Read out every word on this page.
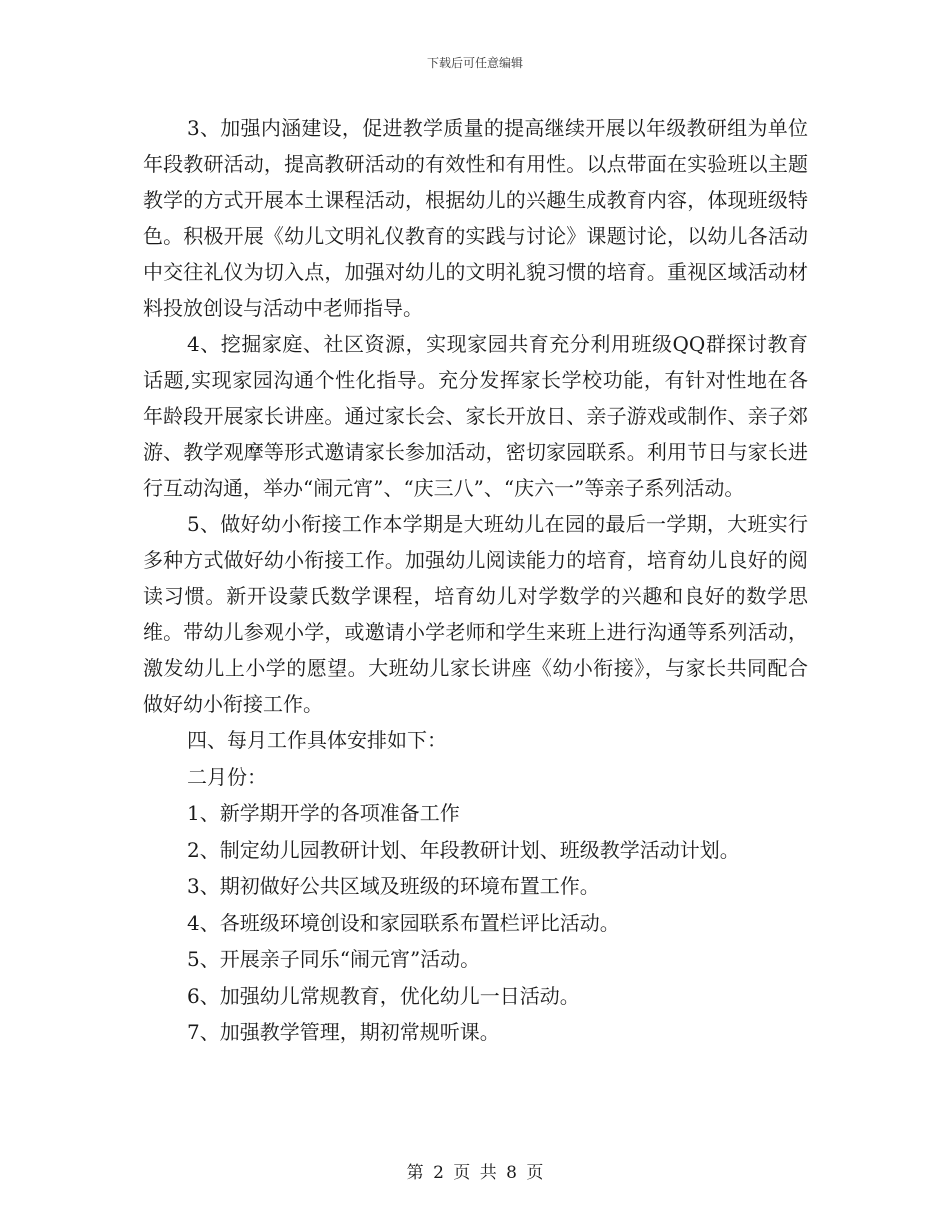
下载后可任意编辑

3、加强内涵建设，促进教学质量的提高继续开展以年级教研组为单位年段教研活动，提高教研活动的有效性和有用性。以点带面在实验班以主题教学的方式开展本土课程活动，根据幼儿的兴趣生成教育内容，体现班级特色。积极开展《幼儿文明礼仪教育的实践与讨论》课题讨论，以幼儿各活动中交往礼仪为切入点，加强对幼儿的文明礼貌习惯的培育。重视区域活动材料投放创设与活动中老师指导。

4、挖掘家庭、社区资源，实现家园共育充分利用班级QQ群探讨教育话题,实现家园沟通个性化指导。充分发挥家长学校功能，有针对性地在各年龄段开展家长讲座。通过家长会、家长开放日、亲子游戏或制作、亲子郊游、教学观摩等形式邀请家长参加活动，密切家园联系。利用节日与家长进行互动沟通，举办“闹元宵”、“庆三八”、“庆六一”等亲子系列活动。

5、做好幼小衔接工作本学期是大班幼儿在园的最后一学期，大班实行多种方式做好幼小衔接工作。加强幼儿阅读能力的培育，培育幼儿良好的阅读习惯。新开设蒙氏数学课程，培育幼儿对学数学的兴趣和良好的数学思维。带幼儿参观小学，或邀请小学老师和学生来班上进行沟通等系列活动，激发幼儿上小学的愿望。大班幼儿家长讲座《幼小衔接》，与家长共同配合做好幼小衔接工作。

四、每月工作具体安排如下：

二月份：

1、新学期开学的各项准备工作

2、制定幼儿园教研计划、年段教研计划、班级教学活动计划。

3、期初做好公共区域及班级的环境布置工作。

4、各班级环境创设和家园联系布置栏评比活动。

5、开展亲子同乐“闹元宵”活动。

6、加强幼儿常规教育，优化幼儿一日活动。

7、加强教学管理，期初常规听课。

第 2 页 共 8 页
